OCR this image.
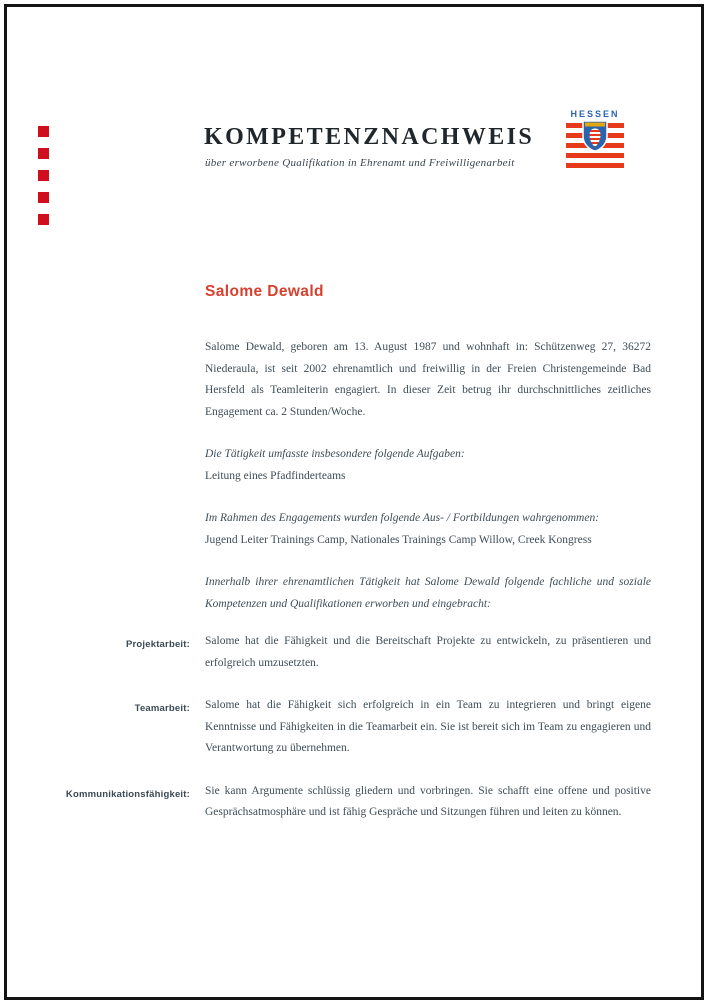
KOMPETENZNACHWEIS
über erworbene Qualifikation in Ehrenamt und Freiwilligenarbeit
HESSEN
Salome Dewald

Salome Dewald, geboren am 13. August 1987 und wohnhaft in: Schützenweg 27, 36272 Niederaula, ist seit 2002 ehrenamtlich und freiwillig in der Freien Christengemeinde Bad Hersfeld als Teamleiterin engagiert. In dieser Zeit betrug ihr durchschnittliches zeitliches Engagement ca. 2 Stunden/Woche.

Die Tätigkeit umfasste insbesondere folgende Aufgaben:
Leitung eines Pfadfinderteams
Im Rahmen des Engagements wurden folgende Aus- / Fortbildungen wahrgenommen:
Jugend Leiter Trainings Camp, Nationales Trainings Camp Willow, Creek Kongress

Innerhalb ihrer ehrenamtlichen Tätigkeit hat Salome Dewald folgende fachliche und soziale Kompetenzen und Qualifikationen erworben und eingebracht:

Projektarbeit: Salome hat die Fähigkeit und die Bereitschaft Projekte zu entwickeln, zu präsentieren und erfolgreich umzusetzten.
Teamarbeit: Salome hat die Fähigkeit sich erfolgreich in ein Team zu integrieren und bringt eigene Kenntnisse und Fähigkeiten in die Teamarbeit ein. Sie ist bereit sich im Team zu engagieren und Verantwortung zu übernehmen.
Kommunikationsfähigkeit: Sie kann Argumente schlüssig gliedern und vorbringen. Sie schafft eine offene und positive Gesprächsatmosphäre und ist fähig Gespräche und Sitzungen führen und leiten zu können.
